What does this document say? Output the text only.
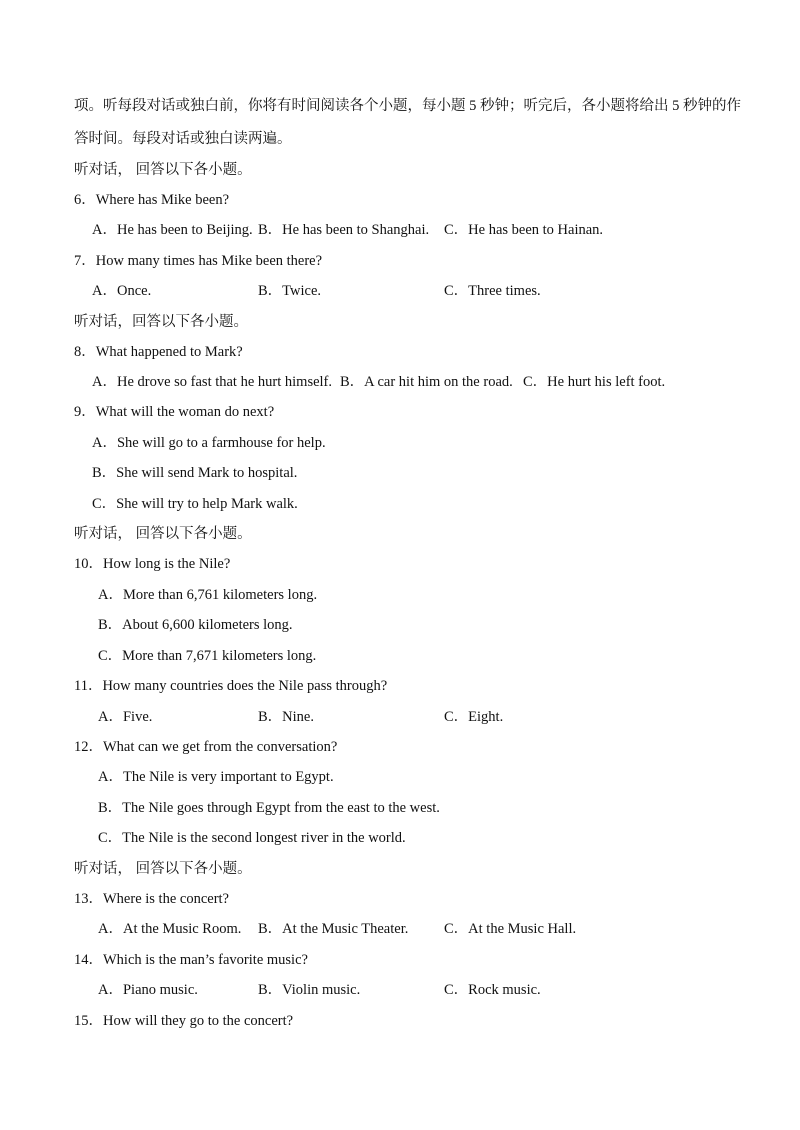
项。听每段对话或独白前，你将有时间阅读各个小题，每小题 5 秒钟；听完后，各小题将给出 5 秒钟的作
答时间。每段对话或独白读两遍。
听对话， 回答以下各小题。
6．Where has Mike been?
A．He has been to Beijing. B．He has been to Shanghai. C．He has been to Hainan.
7．How many times has Mike been there?
A．Once.	B．Twice.	C．Three times.
听对话，回答以下各小题。
8．What happened to Mark?
A．He drove so fast that he hurt himself. B．A car hit him on the road. C．He hurt his left foot.
9．What will the woman do next?
A．She will go to a farmhouse for help.
B．She will send Mark to hospital.
C．She will try to help Mark walk.
听对话， 回答以下各小题。
10．How long is the Nile?
A．More than 6,761 kilometers long.
B．About 6,600 kilometers long.
C．More than 7,671 kilometers long.
11．How many countries does the Nile pass through?
A．Five.	B．Nine.	C．Eight.
12．What can we get from the conversation?
A．The Nile is very important to Egypt.
B．The Nile goes through Egypt from the east to the west.
C．The Nile is the second longest river in the world.
听对话， 回答以下各小题。
13．Where is the concert?
A．At the Music Room. B．At the Music Theater. C．At the Music Hall.
14．Which is the man’s favorite music?
A．Piano music.	B．Violin music.	C．Rock music.
15．How will they go to the concert?
